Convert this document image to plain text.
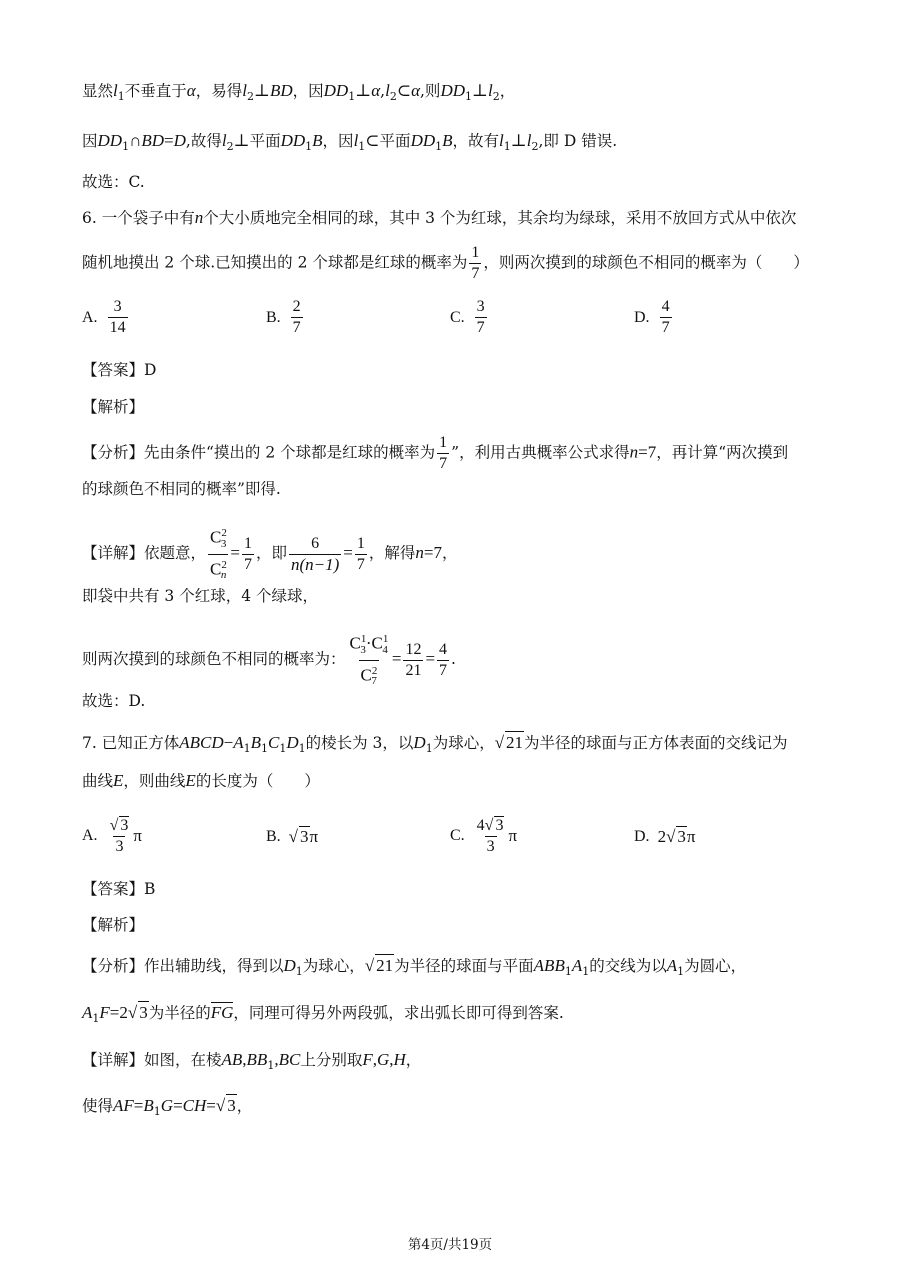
显然$l_1$不垂直于α，易得$l_2\perp BD$，因$DD_1\perp\alpha,l_2\subset\alpha$,则$DD_1\perp l_2$，
因$DD_1\cap BD=D$,故得$l_2\perp$平面$DD_1B$，因$l_1\subset$平面$DD_1B$，故有$l_1\perp l_2$,即 D 错误.
故选：C.
6. 一个袋子中有n个大小质地完全相同的球，其中 3 个为红球，其余均为绿球，采用不放回方式从中依次
随机地摸出 2 个球.已知摸出的 2 个球都是红球的概率为 $\frac{1}{7}$ ，则两次摸到的球颜色不相同的概率为（　　）
A.
3
14
B.
2
7
C.
3
7
D.
4
7
【答案】D
【解析】
【分析】先由条件“摸出的 2 个球都是红球的概率为 $\frac{1}{7}$ ”，利用古典概率公式求得n=7，再计算“两次摸到
的球颜色不相同的概率”即得.
【详解】依题意， $\frac{C^2_3}{C^2_n} = \frac{1}{7}$ ，即 $\frac{6}{n(n-1)} = \frac{1}{7}$ ，解得n=7，
即袋中共有 3 个红球，4 个绿球，
则两次摸到的球颜色不相同的概率为： $\frac{C^1_3\cdot C^1_4}{C^2_7} = \frac{12}{21} = \frac{4}{7}$ .
故选：D.
7. 已知正方体$ABCD-A_1B_1C_1D_1$的棱长为 3，以$D_1$为球心，√ 21为半径的球面与正方体表面的交线记为
曲线E，则曲线E的长度为（　　）
A.
√ 3
3
π	B. √ 3π	C.
4√ 3
3
π	D. 2√ 3π
【答案】B
【解析】
【分析】作出辅助线，得到以$D_1$为球心，√ 21为半径的球面与平面$ABB_1A_1$的交线为以$A_1$为圆心，
$A_1F=2√$ 3为半径的FG，同理可得另外两段弧，求出弧长即可得到答案.
【详解】如图，在棱$AB,BB_1,BC$上分别取F,G,H，
使得$AF=B_1G=CH=√$ 3，
第4页/共19页
